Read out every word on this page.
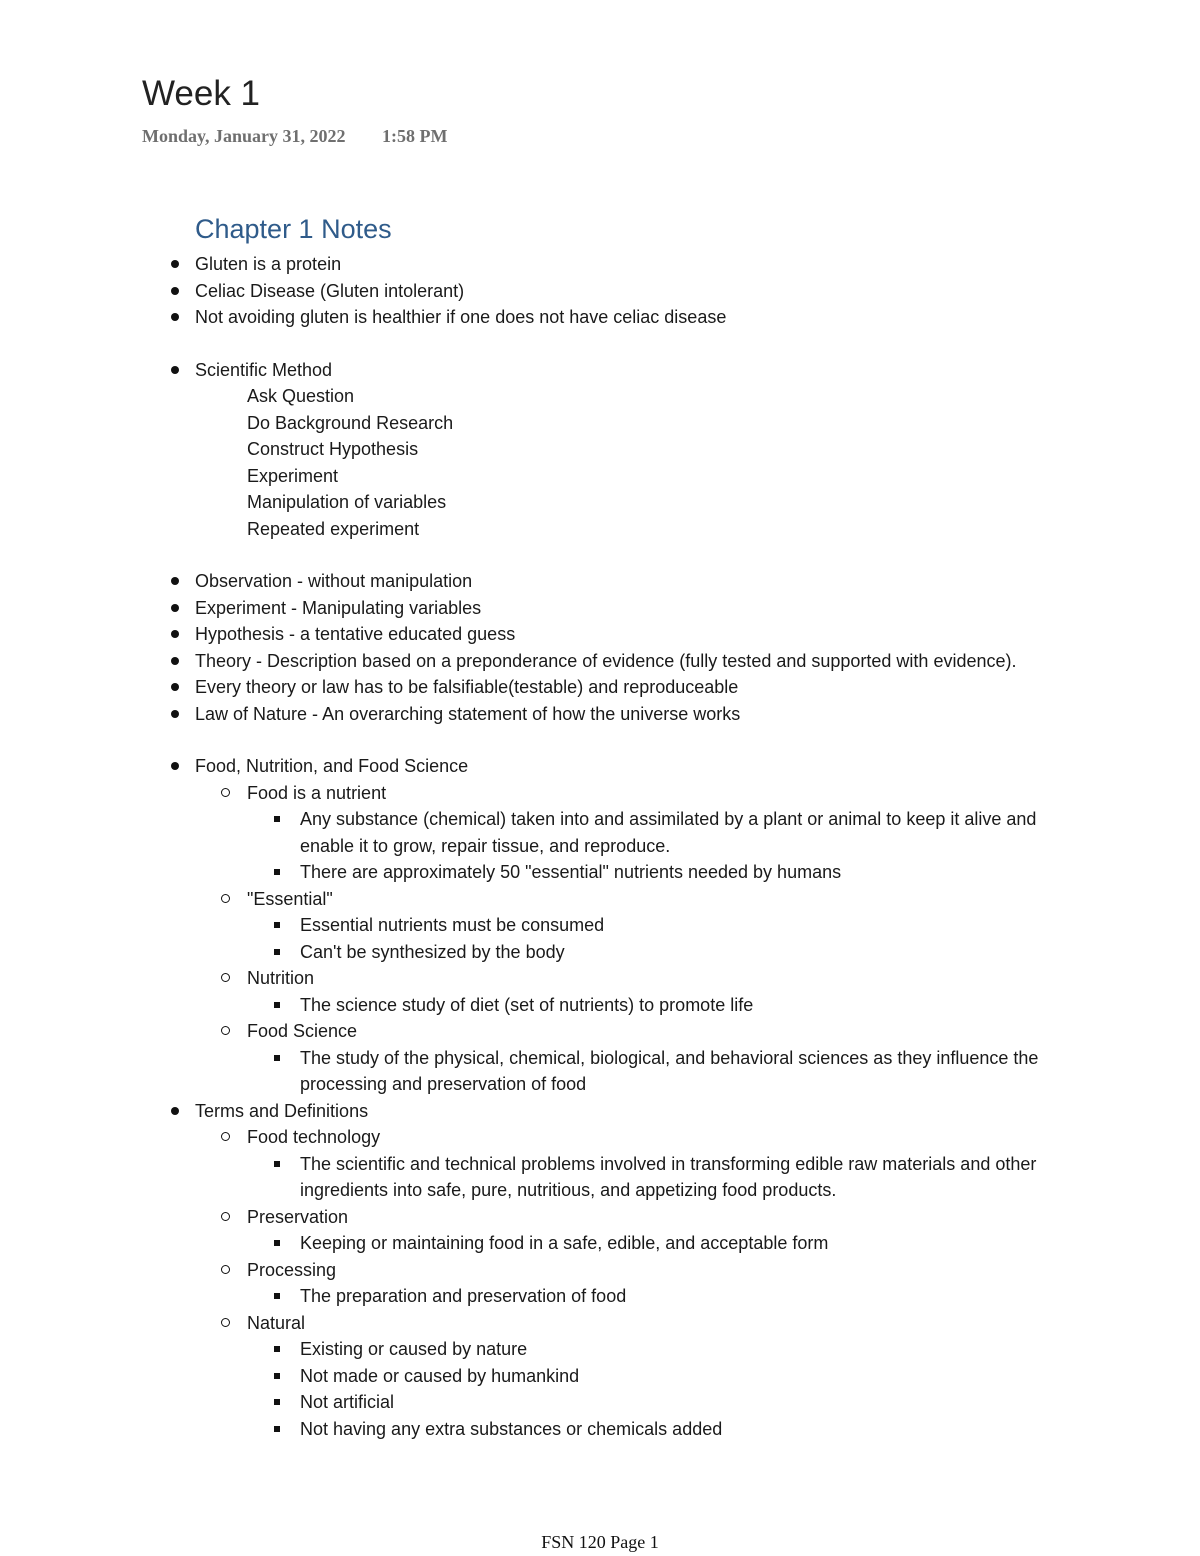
Week 1
Monday, January 31, 2022 1:58 PM
Chapter 1 Notes
Gluten is a protein
Celiac Disease (Gluten intolerant)
Not avoiding gluten is healthier if one does not have celiac disease
Scientific Method
Ask Question
Do Background Research
Construct Hypothesis
Experiment
Manipulation of variables
Repeated experiment
Observation - without manipulation
Experiment - Manipulating variables
Hypothesis - a tentative educated guess
Theory - Description based on a preponderance of evidence (fully tested and supported with evidence).
Every theory or law has to be falsifiable(testable) and reproduceable
Law of Nature - An overarching statement of how the universe works
Food, Nutrition, and Food Science
Food is a nutrient
Any substance (chemical) taken into and assimilated by a plant or animal to keep it alive and enable it to grow, repair tissue, and reproduce.
There are approximately 50 "essential" nutrients needed by humans
"Essential"
Essential nutrients must be consumed
Can't be synthesized by the body
Nutrition
The science study of diet (set of nutrients) to promote life
Food Science
The study of the physical, chemical, biological, and behavioral sciences as they influence the processing and preservation of food
Terms and Definitions
Food technology
The scientific and technical problems involved in transforming edible raw materials and other ingredients into safe, pure, nutritious, and appetizing food products.
Preservation
Keeping or maintaining food in a safe, edible, and acceptable form
Processing
The preparation and preservation of food
Natural
Existing or caused by nature
Not made or caused by humankind
Not artificial
Not having any extra substances or chemicals added
FSN 120 Page 1
